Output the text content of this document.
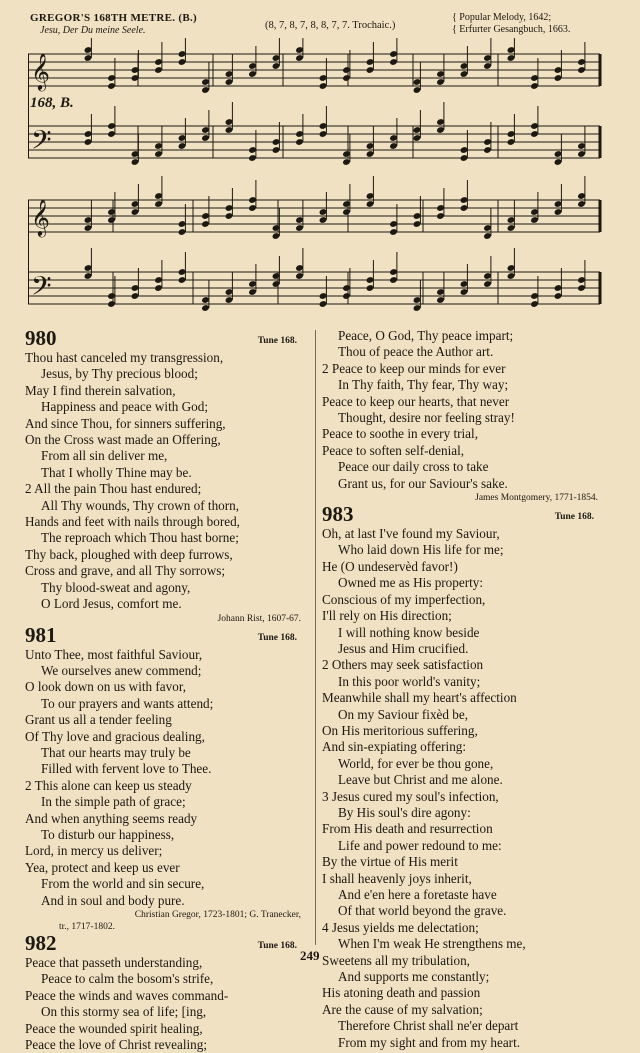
GREGOR'S 168TH METRE. (B.)
Jesu, Der Du meine Seele.	(8, 7, 8, 7, 8, 8, 7, 7. Trochaic.)
{ Popular Melody, 1642;
{ Erfurter Gesangbuch, 1663.
𝄞
𝄢
𝄞
𝄢
168, B.
980	Tune 168.
Thou hast canceled my transgression,
Jesus, by Thy precious blood;
May I find therein salvation,
Happiness and peace with God;
And since Thou, for sinners suffering,
On the Cross wast made an Offering,
From all sin deliver me,
That I wholly Thine may be.
2 All the pain Thou hast endured;
All Thy wounds, Thy crown of thorn,
Hands and feet with nails through bored,
The reproach which Thou hast borne;
Thy back, ploughed with deep furrows,
Cross and grave, and all Thy sorrows;
Thy blood-sweat and agony,
O Lord Jesus, comfort me.
Johann Rist, 1607-67.
981	Tune 168.
Unto Thee, most faithful Saviour,
We ourselves anew commend;
O look down on us with favor,
To our prayers and wants attend;
Grant us all a tender feeling
Of Thy love and gracious dealing,
That our hearts may truly be
Filled with fervent love to Thee.
2 This alone can keep us steady
In the simple path of grace;
And when anything seems ready
To disturb our happiness,
Lord, in mercy us deliver;
Yea, protect and keep us ever
From the world and sin secure,
And in soul and body pure.
Christian Gregor, 1723-1801; G. Tranecker,
tr., 1717-1802.
982	Tune 168.
Peace that passeth understanding,
Peace to calm the bosom's strife,
Peace the winds and waves command-
On this stormy sea of life; [ing,
Peace the wounded spirit healing,
Peace the love of Christ revealing;
Peace, O God, Thy peace impart;
Thou of peace the Author art.
2 Peace to keep our minds for ever
In Thy faith, Thy fear, Thy way;
Peace to keep our hearts, that never
Thought, desire nor feeling stray!
Peace to soothe in every trial,
Peace to soften self-denial,
Peace our daily cross to take
Grant us, for our Saviour's sake.
James Montgomery, 1771-1854.
983	Tune 168.
Oh, at last I've found my Saviour,
Who laid down His life for me;
He (O undeservèd favor!)
Owned me as His property:
Conscious of my imperfection,
I'll rely on His direction;
I will nothing know beside
Jesus and Him crucified.
2 Others may seek satisfaction
In this poor world's vanity;
Meanwhile shall my heart's affection
On my Saviour fixèd be,
On His meritorious suffering,
And sin-expiating offering:
World, for ever be thou gone,
Leave but Christ and me alone.
3 Jesus cured my soul's infection,
By His soul's dire agony:
From His death and resurrection
Life and power redound to me:
By the virtue of His merit
I shall heavenly joys inherit,
And e'en here a foretaste have
Of that world beyond the grave.
4 Jesus yields me delectation;
When I'm weak He strengthens me,
Sweetens all my tribulation,
And supports me constantly;
His atoning death and passion
Are the cause of my salvation;
Therefore Christ shall ne'er depart
From my sight and from my heart.
249
